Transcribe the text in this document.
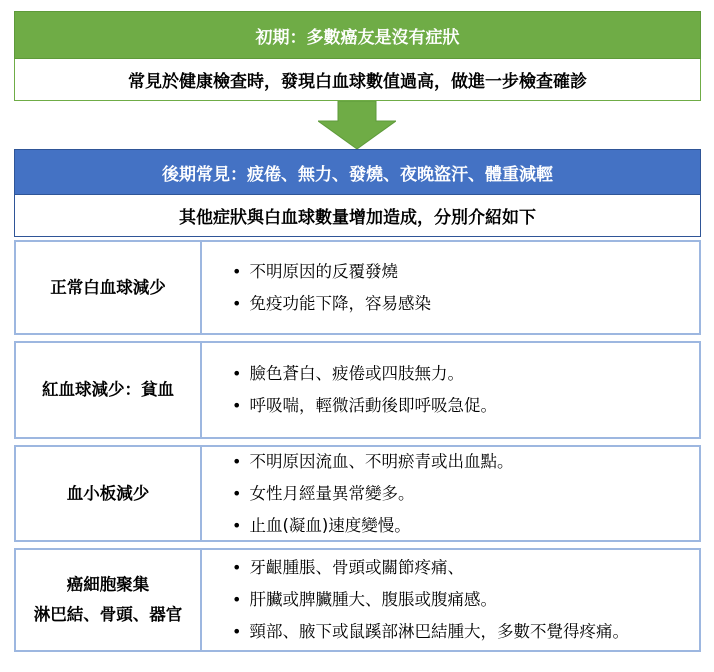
初期：多數癌友是沒有症狀
常見於健康檢查時，發現白血球數值過高，做進一步檢查確診
後期常見：疲倦、無力、發燒、夜晚盜汗、體重減輕
其他症狀與白血球數量增加造成，分別介紹如下
正常白血球減少
• 不明原因的反覆發燒
• 免疫功能下降，容易感染
紅血球減少：貧血
• 臉色蒼白、疲倦或四肢無力。
• 呼吸喘，輕微活動後即呼吸急促。
血小板減少
• 不明原因流血、不明瘀青或出血點。
• 女性月經量異常變多。
• 止血(凝血)速度變慢。
癌細胞聚集
淋巴結、骨頭、器官
• 牙齦腫脹、骨頭或關節疼痛、
• 肝臟或脾臟腫大、腹脹或腹痛感。
• 頸部、腋下或鼠蹊部淋巴結腫大，多數不覺得疼痛。
